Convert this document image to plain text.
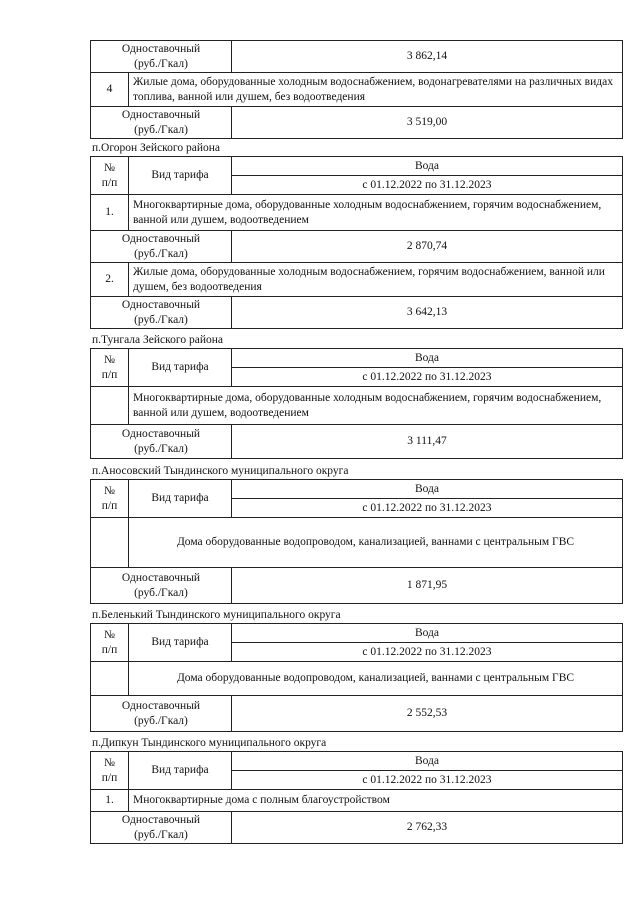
Одноставочный
(руб./Гкал)		3 862,14
4	Жилые дома, оборудованные холодным водоснабжением, водонагревателями на различных видах топлива, ванной или душем, без водоотведения	
Одноставочный
(руб./Гкал)		3 519,00
п.Огорон Зейского района
№
п/п	Вид тарифа	Вода
		с 01.12.2022 по 31.12.2023
1.	Многоквартирные дома, оборудованные холодным водоснабжением, горячим водоснабжением, ванной или душем, водоотведением	
Одноставочный
(руб./Гкал)		2 870,74
2.	Жилые дома, оборудованные холодным водоснабжением, горячим водоснабжением, ванной или душем, без водоотведения	
Одноставочный
(руб./Гкал)		3 642,13
п.Тунгала Зейского района
№
п/п	Вид тарифа	Вода
		с 01.12.2022 по 31.12.2023
	Многоквартирные дома, оборудованные холодным водоснабжением, горячим водоснабжением, ванной или душем, водоотведением	
Одноставочный
(руб./Гкал)		3 111,47
п.Аносовский Тындинского муниципального округа
№
п/п	Вид тарифа	Вода
		с 01.12.2022 по 31.12.2023
	Дома оборудованные водопроводом, канализацией, ваннами с центральным ГВС	
Одноставочный
(руб./Гкал)		1 871,95
п.Беленький Тындинского муниципального округа
№
п/п	Вид тарифа	Вода
		с 01.12.2022 по 31.12.2023
	Дома оборудованные водопроводом, канализацией, ваннами с центральным ГВС	
Одноставочный
(руб./Гкал)		2 552,53
п.Дипкун Тындинского муниципального округа
№
п/п	Вид тарифа	Вода
		с 01.12.2022 по 31.12.2023
1.	Многоквартирные дома с полным благоустройством	
Одноставочный
(руб./Гкал)		2 762,33
